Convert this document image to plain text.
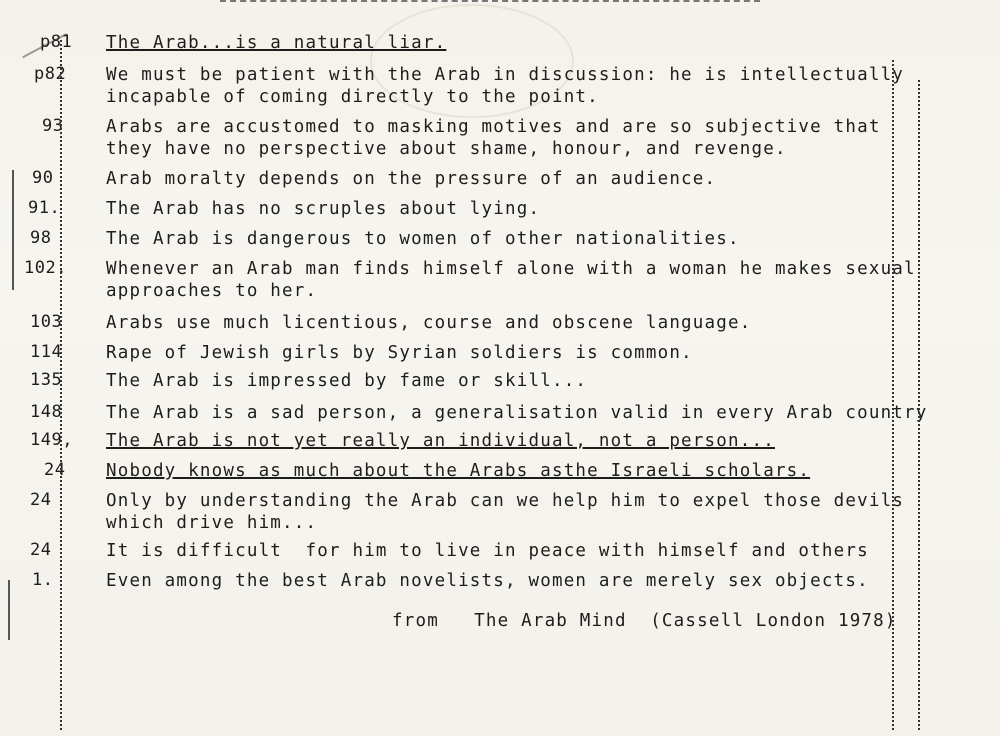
p81
p82
93
90
91.
98
102.
103
114
135
148
149,
24
24
24
1.
The Arab...is a natural liar.
We must be patient with the Arab in discussion: he is intellectually
incapable of coming directly to the point.
Arabs are accustomed to masking motives and are so subjective that
they have no perspective about shame, honour, and revenge.
Arab moralty depends on the pressure of an audience.
The Arab has no scruples about lying.
The Arab is dangerous to women of other nationalities.
Whenever an Arab man finds himself alone with a woman he makes sexual
approaches to her.
Arabs use much licentious, course and obscene language.
Rape of Jewish girls by Syrian soldiers is common.
The Arab is impressed by fame or skill...
The Arab is a sad person, a generalisation valid in every Arab country
The Arab is not yet really an individual, not a person...
Nobody knows as much about the Arabs asthe Israeli scholars.
Only by understanding the Arab can we help him to expel those devils
which drive him...
It is difficult  for him to live in peace with himself and others
Even among the best Arab novelists, women are merely sex objects.
from   The Arab Mind  (Cassell London 1978)
